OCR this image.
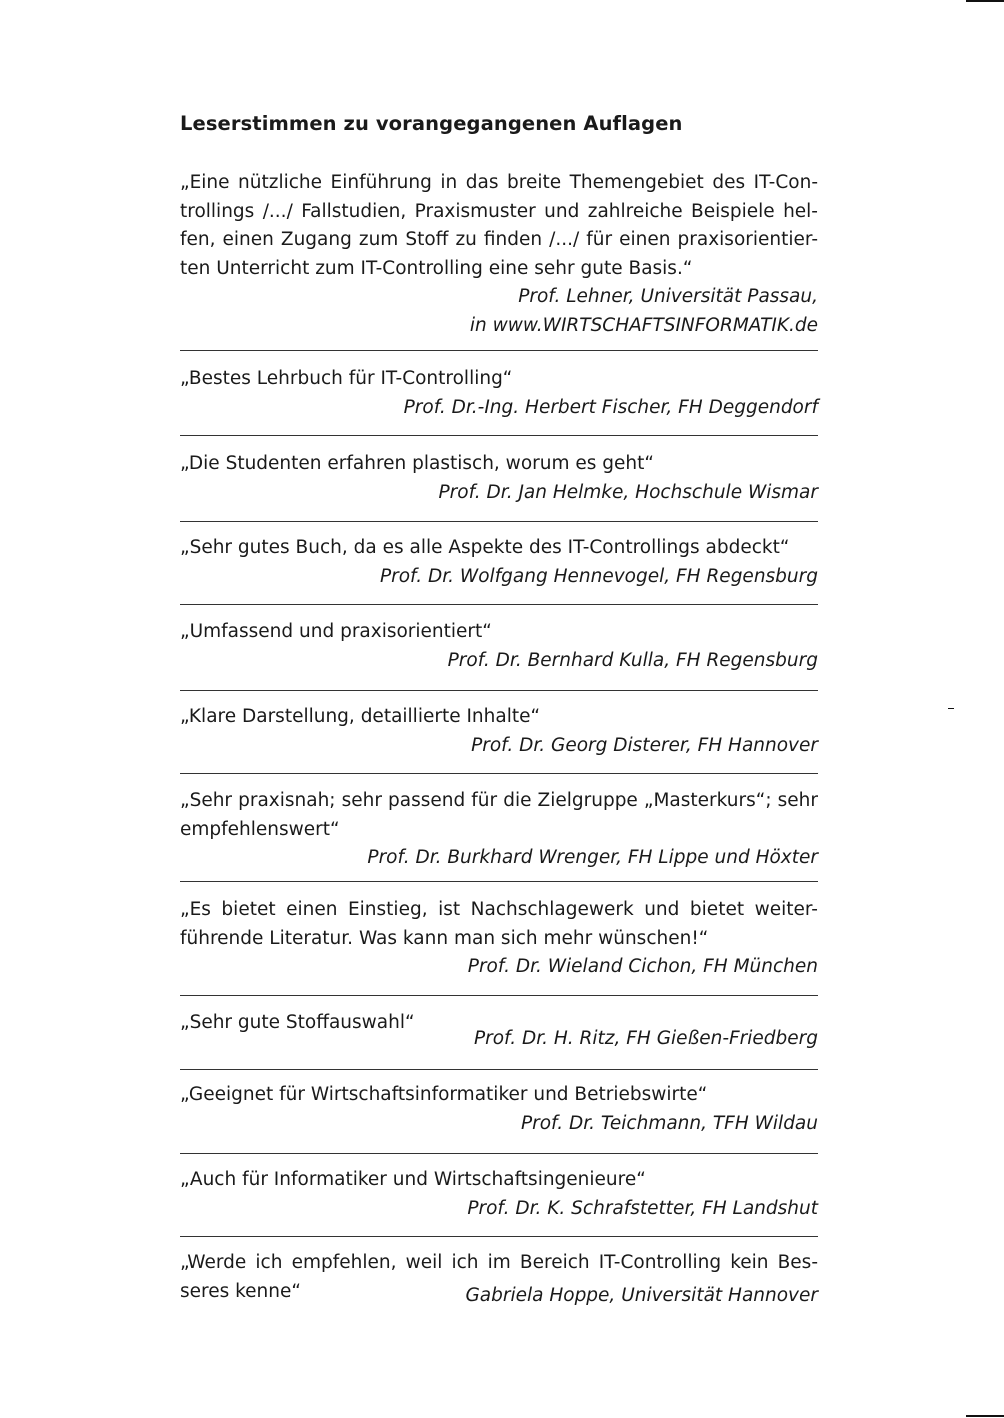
Leserstimmen zu vorangegangenen Auflagen
„Eine nützliche Einführung in das breite Themengebiet des IT-Con-
trollings /.../ Fallstudien, Praxismuster und zahlreiche Beispiele hel-
fen, einen Zugang zum Stoff zu finden /.../ für einen praxisorientier-
ten Unterricht zum IT-Controlling eine sehr gute Basis.“
Prof. Lehner, Universität Passau,
in www.WIRTSCHAFTSINFORMATIK.de
„Bestes Lehrbuch für IT-Controlling“
Prof. Dr.-Ing. Herbert Fischer, FH Deggendorf
„Die Studenten erfahren plastisch, worum es geht“
Prof. Dr. Jan Helmke, Hochschule Wismar
„Sehr gutes Buch, da es alle Aspekte des IT-Controllings abdeckt“
Prof. Dr. Wolfgang Hennevogel, FH Regensburg
„Umfassend und praxisorientiert“
Prof. Dr. Bernhard Kulla, FH Regensburg
„Klare Darstellung, detaillierte Inhalte“
Prof. Dr. Georg Disterer, FH Hannover
„Sehr praxisnah; sehr passend für die Zielgruppe „Masterkurs“; sehr
empfehlenswert“
Prof. Dr. Burkhard Wrenger, FH Lippe und Höxter
„Es bietet einen Einstieg, ist Nachschlagewerk und bietet weiter-
führende Literatur. Was kann man sich mehr wünschen!“
Prof. Dr. Wieland Cichon, FH München
„Sehr gute Stoffauswahl“
Prof. Dr. H. Ritz, FH Gießen-Friedberg
„Geeignet für Wirtschaftsinformatiker und Betriebswirte“
Prof. Dr. Teichmann, TFH Wildau
„Auch für Informatiker und Wirtschaftsingenieure“
Prof. Dr. K. Schrafstetter, FH Landshut
„Werde ich empfehlen, weil ich im Bereich IT-Controlling kein Bes-
seres kenne“	Gabriela Hoppe, Universität Hannover
